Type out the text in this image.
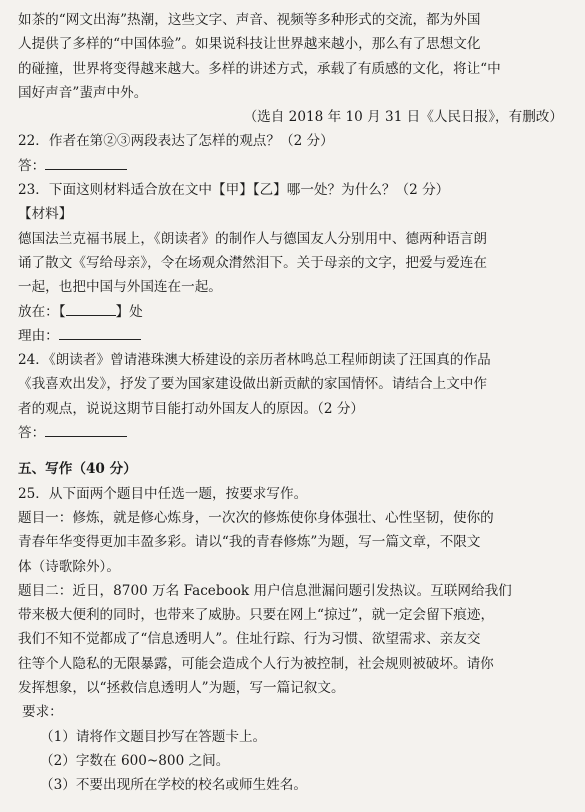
如茶的“网文出海”热潮，这些文字、声音、视频等多种形式的交流，都为外国

人提供了多样的“中国体验”。如果说科技让世界越来越小，那么有了思想文化

的碰撞，世界将变得越来越大。多样的讲述方式，承载了有质感的文化，将让“中

国好声音”蜚声中外。

（选自 2018 年 10 月 31 日《人民日报》，有删改）

22．作者在第②③两段表达了怎样的观点？（2 分）

答：

23．下面这则材料适合放在文中【甲】【乙】哪一处？为什么？（2 分）

【材料】

德国法兰克福书展上，《朗读者》的制作人与德国友人分别用中、德两种语言朗

诵了散文《写给母亲》，令在场观众潸然泪下。关于母亲的文字，把爱与爱连在

一起，也把中国与外国连在一起。

放在：【	】处

理由：

24．《朗读者》曾请港珠澳大桥建设的亲历者林鸣总工程师朗读了汪国真的作品

《我喜欢出发》，抒发了要为国家建设做出新贡献的家国情怀。请结合上文中作

者的观点，说说这期节目能打动外国友人的原因。（2 分）

答：

五、写作（40 分）

25．从下面两个题目中任选一题，按要求写作。

题目一：修炼，就是修心炼身，一次次的修炼使你身体强壮、心性坚韧，使你的

青春年华变得更加丰盈多彩。请以“我的青春修炼”为题，写一篇文章，不限文

体（诗歌除外）。

题目二：近日，8700 万名 Facebook 用户信息泄漏问题引发热议。互联网给我们

带来极大便利的同时，也带来了威胁。只要在网上“掠过”，就一定会留下痕迹，

我们不知不觉都成了“信息透明人”。住址行踪、行为习惯、欲望需求、亲友交

往等个人隐私的无限暴露，可能会造成个人行为被控制，社会规则被破坏。请你

发挥想象，以“拯救信息透明人”为题，写一篇记叙文。

要求：

（1）请将作文题目抄写在答题卡上。

（2）字数在 600~800 之间。

（3）不要出现所在学校的校名或师生姓名。
